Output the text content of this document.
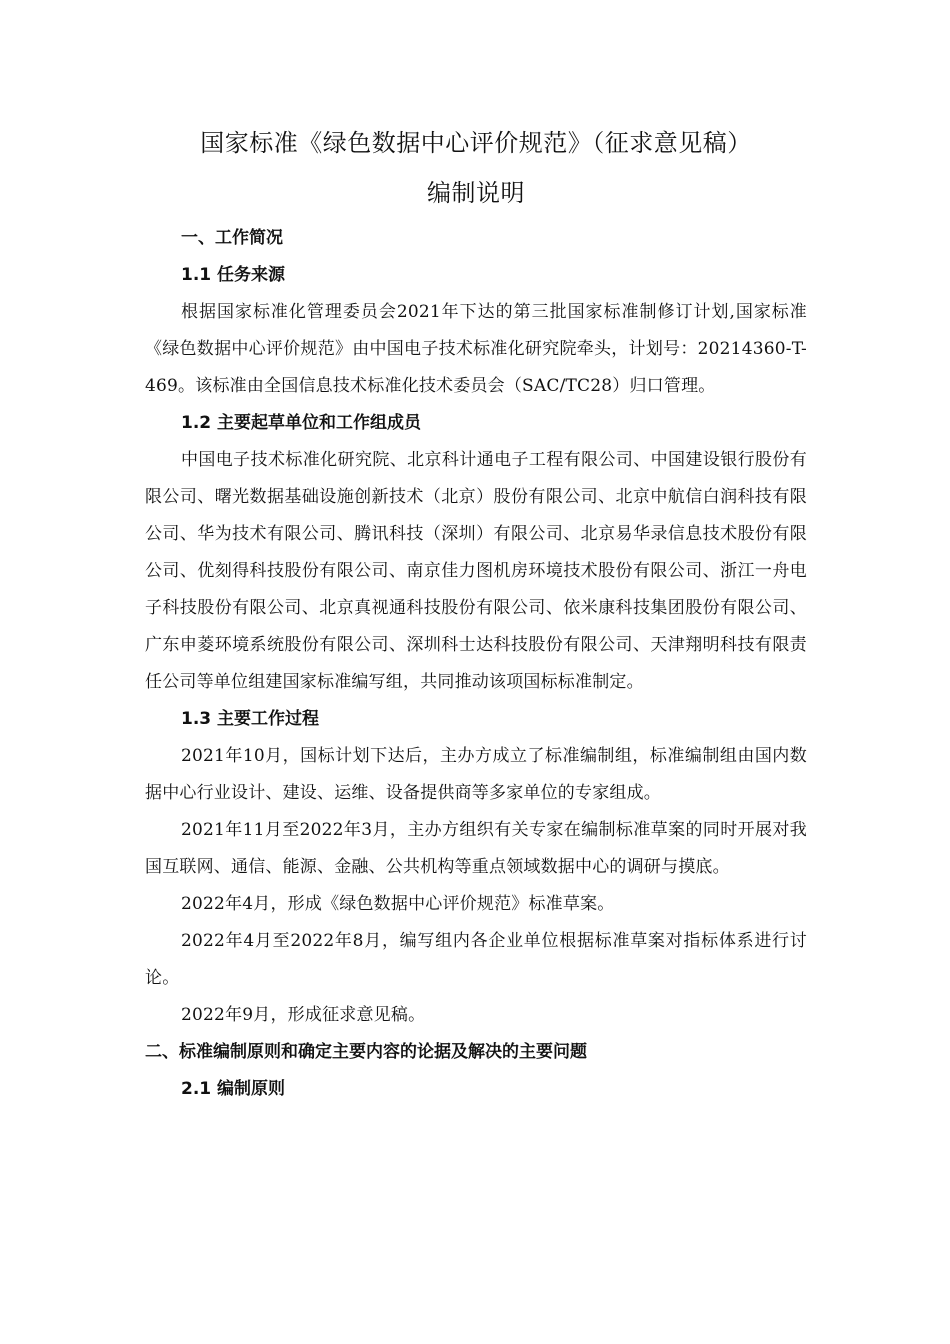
国家标准《绿色数据中心评价规范》（征求意见稿）
编制说明
一、工作简况
1.1 任务来源

根据国家标准化管理委员会2021年下达的第三批国家标准制修订计划,国家标准《绿色数据中心评价规范》由中国电子技术标准化研究院牵头，计划号：20214360-T-469。该标准由全国信息技术标准化技术委员会（SAC/TC28）归口管理。

1.2 主要起草单位和工作组成员

中国电子技术标准化研究院、北京科计通电子工程有限公司、中国建设银行股份有限公司、曙光数据基础设施创新技术（北京）股份有限公司、北京中航信白润科技有限公司、华为技术有限公司、腾讯科技（深圳）有限公司、北京易华录信息技术股份有限公司、优刻得科技股份有限公司、南京佳力图机房环境技术股份有限公司、浙江一舟电子科技股份有限公司、北京真视通科技股份有限公司、依米康科技集团股份有限公司、广东申菱环境系统股份有限公司、深圳科士达科技股份有限公司、天津翔明科技有限责任公司等单位组建国家标准编写组，共同推动该项国标标准制定。

1.3 主要工作过程

2021年10月，国标计划下达后，主办方成立了标准编制组，标准编制组由国内数据中心行业设计、建设、运维、设备提供商等多家单位的专家组成。

2021年11月至2022年3月，主办方组织有关专家在编制标准草案的同时开展对我国互联网、通信、能源、金融、公共机构等重点领域数据中心的调研与摸底。

2022年4月，形成《绿色数据中心评价规范》标准草案。

2022年4月至2022年8月，编写组内各企业单位根据标准草案对指标体系进行讨论。

2022年9月，形成征求意见稿。

二、标准编制原则和确定主要内容的论据及解决的主要问题
2.1 编制原则
